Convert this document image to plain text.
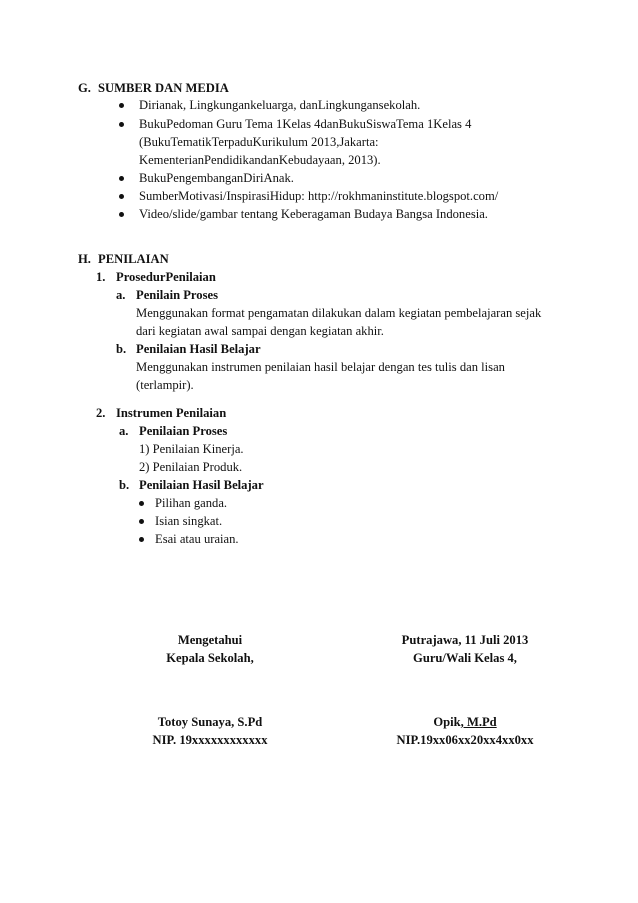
G. SUMBER DAN MEDIA
Dirianak, Lingkungankeluarga, danLingkungansekolah.
BukuPedoman Guru Tema 1Kelas 4danBukuSiswaTema 1Kelas 4
(BukuTematikTerpaduKurikulum 2013,Jakarta:
KementerianPendidikandanKebudayaan, 2013).
BukuPengembanganDiriAnak.
SumberMotivasi/InspirasiHidup: http://rokhmaninstitute.blogspot.com/
Video/slide/gambar tentang Keberagaman Budaya Bangsa Indonesia.
H. PENILAIAN
1. ProsedurPenilaian
a. Penilain Proses
Menggunakan format pengamatan dilakukan dalam kegiatan pembelajaran sejak
dari kegiatan awal sampai dengan kegiatan akhir.
b. Penilaian Hasil Belajar
Menggunakan instrumen penilaian hasil belajar dengan tes tulis dan lisan
(terlampir).
2. Instrumen Penilaian
a. Penilaian Proses
1) Penilaian Kinerja.
2) Penilaian Produk.
b. Penilaian Hasil Belajar
Pilihan ganda.
Isian singkat.
Esai atau uraian.
Mengetahui
Kepala Sekolah,
Totoy Sunaya, S.Pd
NIP. 19xxxxxxxxxxxx
Putrajawa, 11 Juli 2013
Guru/Wali Kelas 4,
Opik, M.Pd
NIP.19xx06xx20xx4xx0xx
